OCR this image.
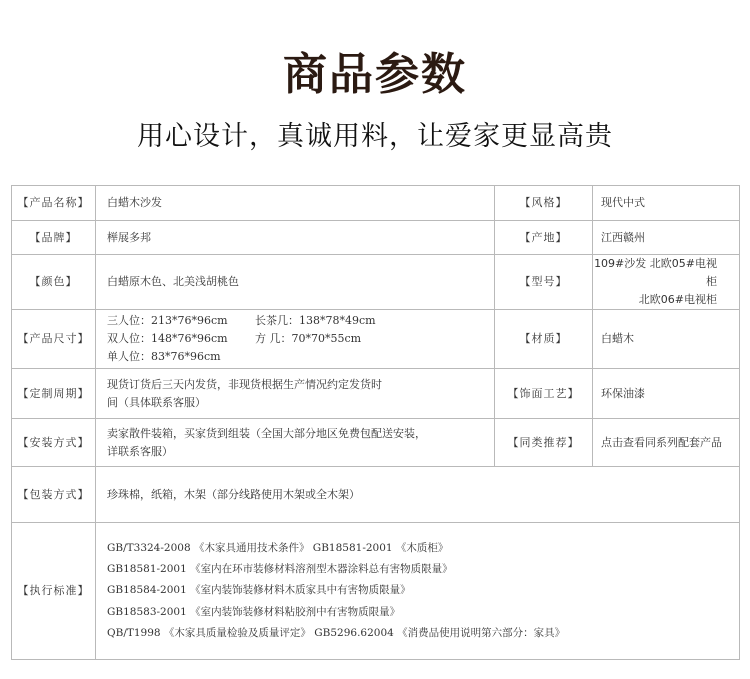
商品参数
用心设计，真诚用料，让爱家更显高贵
【产品名称】	白蜡木沙发	【风格】	现代中式
【品牌】	榉展多邦	【产地】	江西赣州
【颜色】	白蜡原木色、北美浅胡桃色	【型号】	109#沙发 北欧05#电视柜
北欧06#电视柜

【产品尺寸】	三人位：213*76*96cm 长茶几：138*78*49cm
双人位：148*76*96cm 方 几：70*70*55cm
单人位：83*76*96cm	【材质】	白蜡木
【定制周期】	现货订货后三天内发货，非现货根据生产情况约定发货时
间（具体联系客服）	【饰面工艺】	环保油漆
【安装方式】	卖家散件装箱，买家货到组装（全国大部分地区免费包配送安装，
详联系客服）	【同类推荐】	点击查看同系列配套产品
【包装方式】	珍珠棉，纸箱，木架（部分线路使用木架或全木架）		
【执行标准】	GB/T3324-2008 《木家具通用技术条件》 GB18581-2001 《木质柜》
GB18581-2001 《室内在环市装修材料溶剂型木器涂料总有害物质限量》
GB18584-2001 《室内装饰装修材料木质家具中有害物质限量》
GB18583-2001 《室内装饰装修材料粘胶剂中有害物质限量》
QB/T1998 《木家具质量检验及质量评定》 GB5296.62004 《消费品使用说明第六部分：家具》		
